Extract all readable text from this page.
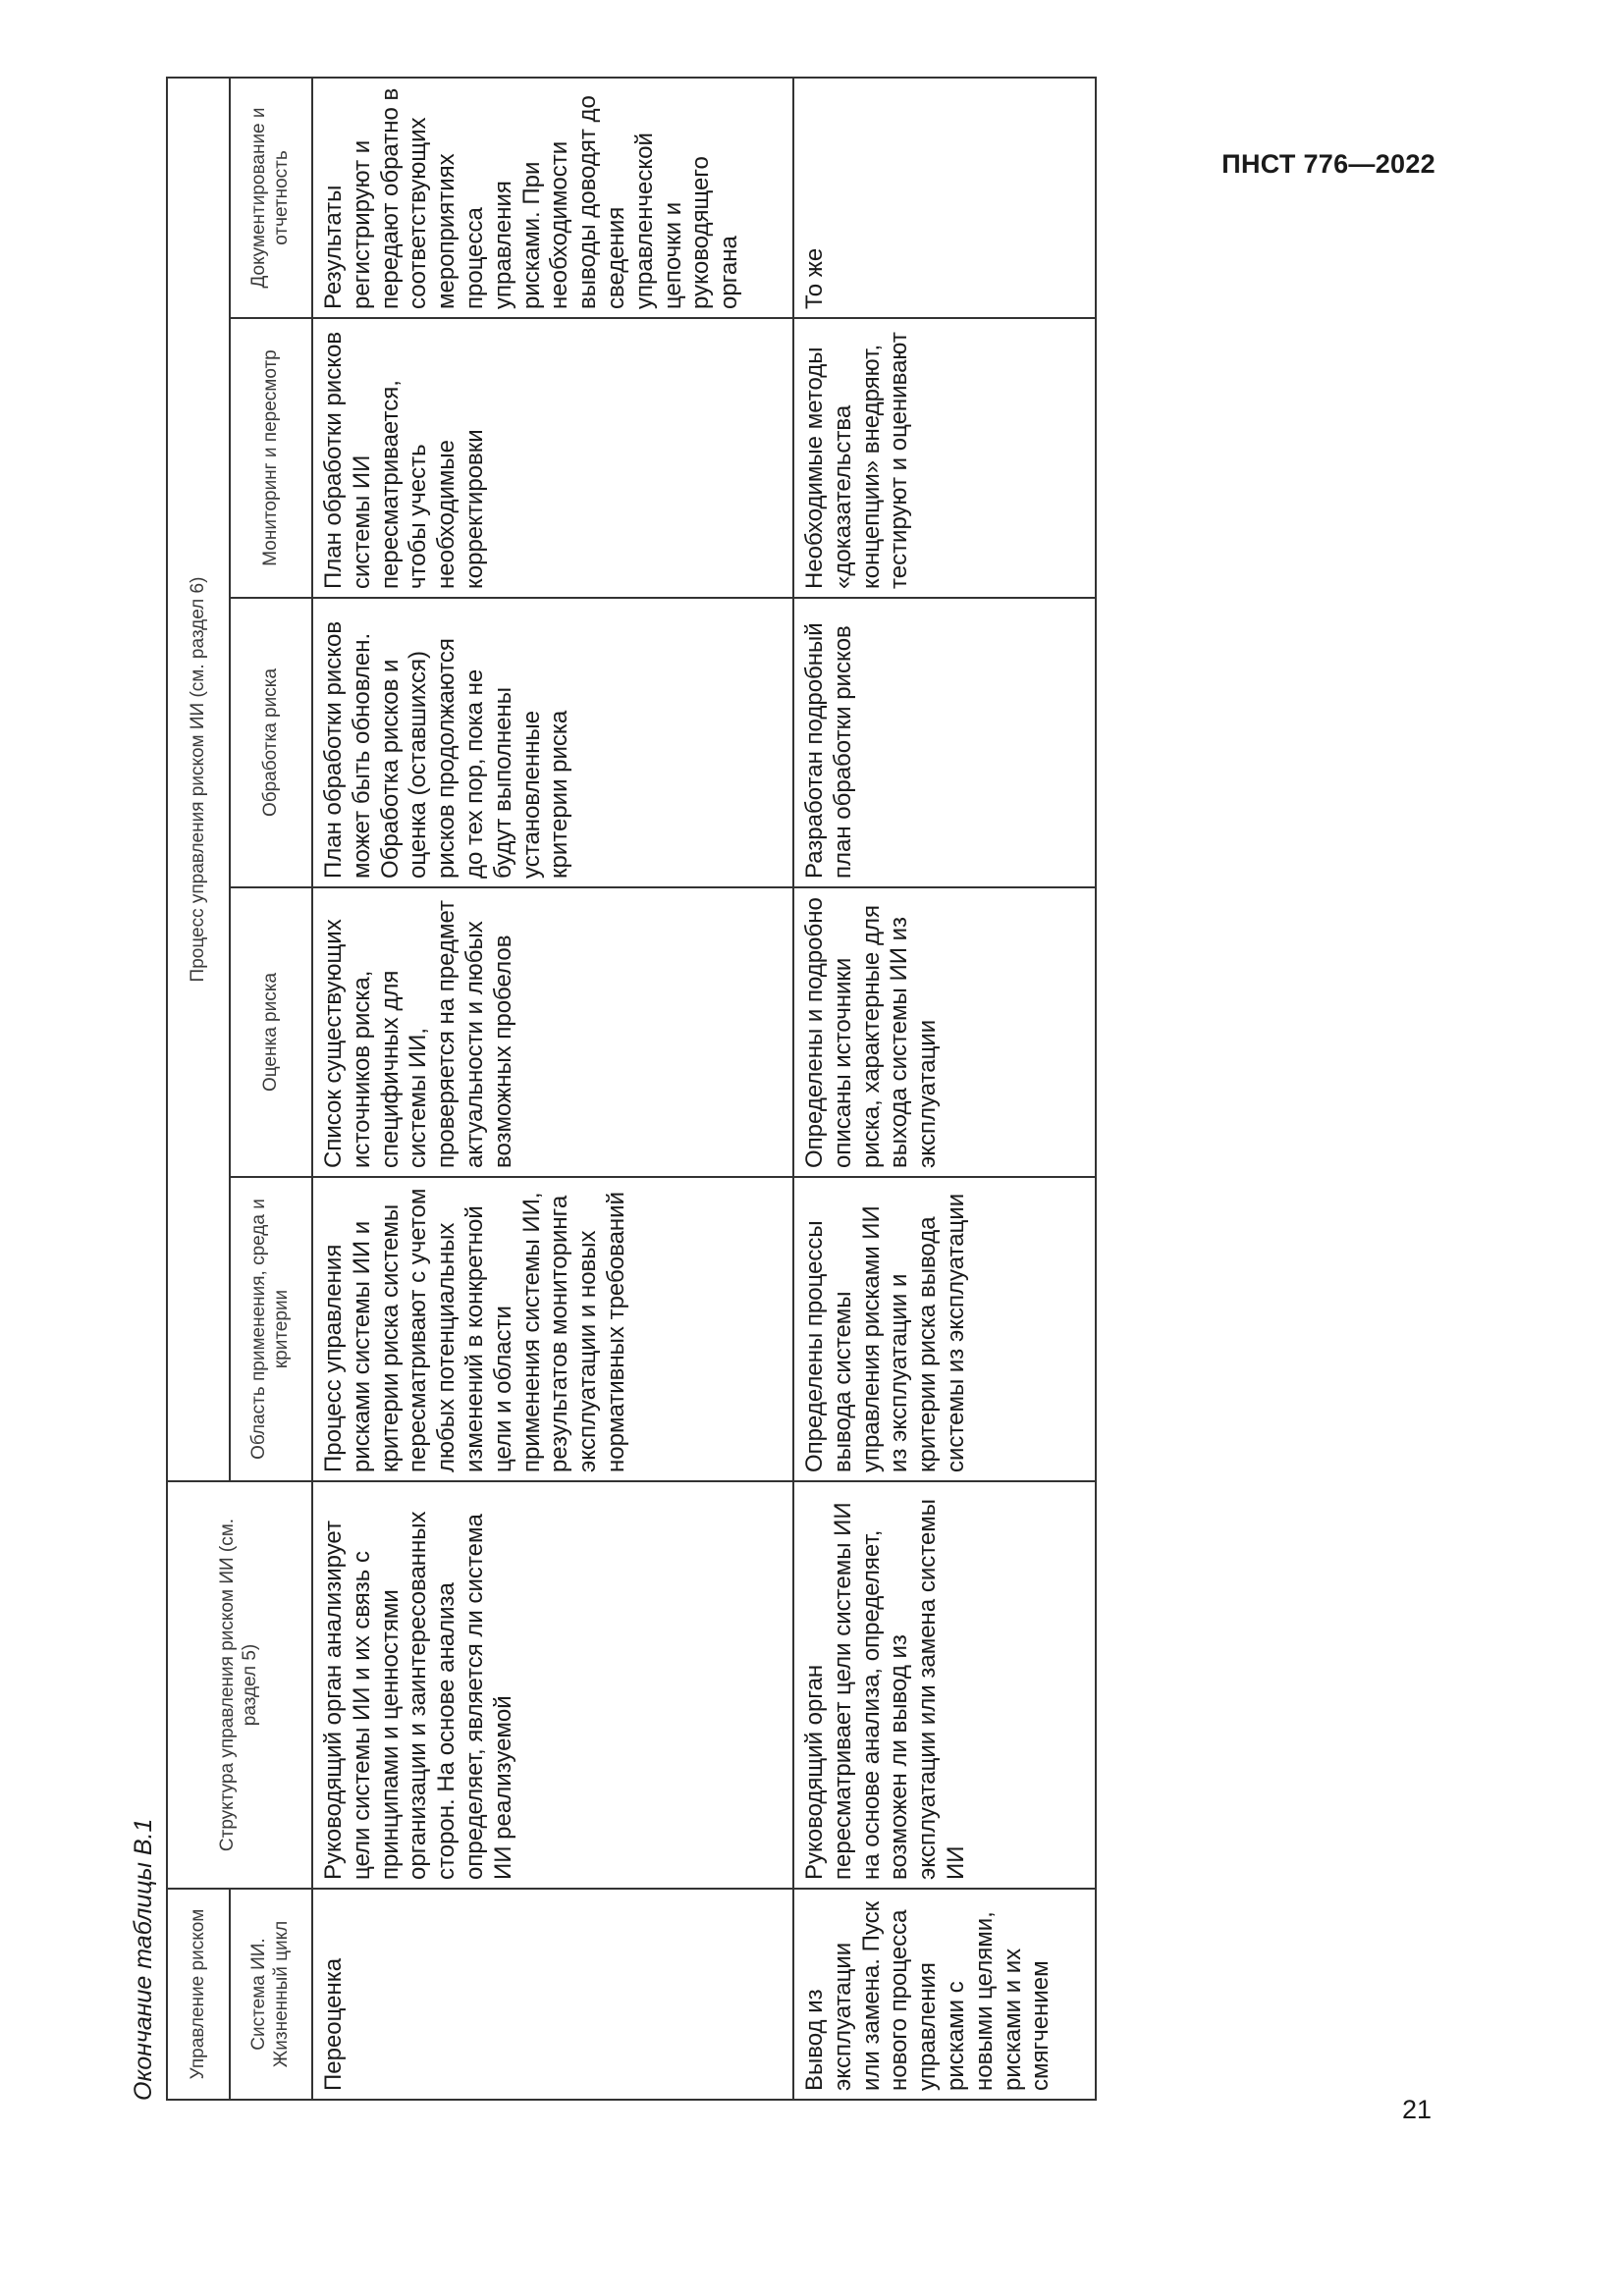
ПНСТ 776—2022
Окончание таблицы В.1	Управление риском	Структура управления риском ИИ (см. раздел 5)	Процесс управления риском ИИ (см. раздел 6)				
Система ИИ. Жизненный цикл		Область применения, среда и критерии	Оценка риска	Обработка риска	Мониторинг и пересмотр	Документирование и отчетность
Переоценка	Руководящий орган анализирует цели системы ИИ и их связь с принципами и ценностями организации и заинтересованных сторон. На основе анализа определяет, является ли система ИИ реализуемой	Процесс управления рисками системы ИИ и критерии риска системы пересматривают с учетом любых потенциальных изменений в конкретной цели и области применения системы ИИ, результатов мониторинга эксплуатации и новых нормативных требований	Список существующих источников риска, специфичных для системы ИИ, проверяется на предмет актуальности и любых возможных пробелов	План обработки рисков может быть обновлен. Обработка рисков и оценка (оставшихся) рисков продолжаются до тех пор, пока не будут выполнены установленные критерии риска	План обработки рисков системы ИИ пересматривается, чтобы учесть необходимые корректировки	Результаты регистрируют и передают обратно в соответствующих мероприятиях процесса управления рисками. При необходимости выводы доводят до сведения управленческой цепочки и руководящего органа
Вывод из эксплуатации или замена. Пуск нового процесса управления рисками с новыми целями, рисками и их смягчением	Руководящий орган пересматривает цели системы ИИ на основе анализа, определяет, возможен ли вывод из эксплуатации или замена системы ИИ	Определены процессы вывода системы управления рисками ИИ из эксплуатации и критерии риска вывода системы из эксплуатации	Определены и подробно описаны источники риска, характерные для выхода системы ИИ из эксплуатации	Разработан подробный план обработки рисков	Необходимые методы «доказательства концепции» внедряют, тестируют и оценивают	То же
21
